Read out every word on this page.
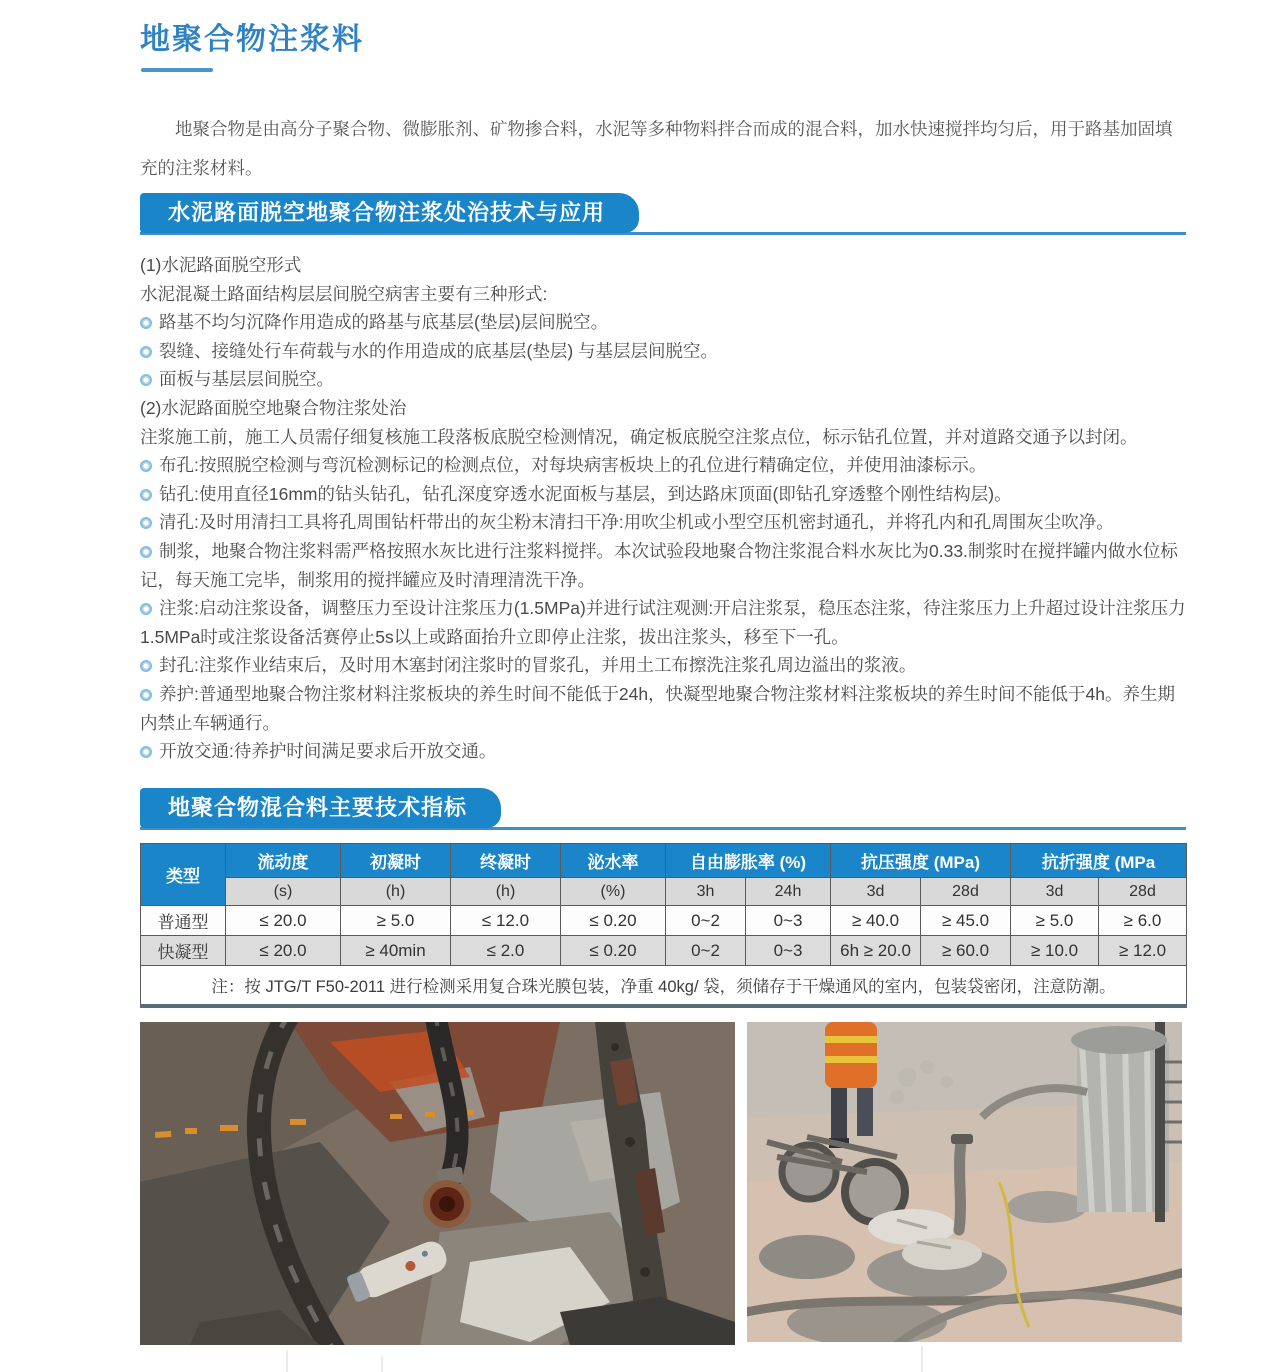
地聚合物注浆料
地聚合物是由高分子聚合物、微膨胀剂、矿物掺合料，水泥等多种物料拌合而成的混合料，加水快速搅拌均匀后，用于路基加固填充的注浆材料。
水泥路面脱空地聚合物注浆处治技术与应用

(1)水泥路面脱空形式

水泥混凝土路面结构层层间脱空病害主要有三种形式:

路基不均匀沉降作用造成的路基与底基层(垫层)层间脱空。

裂缝、接缝处行车荷载与水的作用造成的底基层(垫层) 与基层层间脱空。

面板与基层层间脱空。

(2)水泥路面脱空地聚合物注浆处治

注浆施工前，施工人员需仔细复核施工段落板底脱空检测情况，确定板底脱空注浆点位，标示钻孔位置，并对道路交通予以封闭。

布孔:按照脱空检测与弯沉检测标记的检测点位，对每块病害板块上的孔位进行精确定位，并使用油漆标示。

钻孔:使用直径16mm的钻头钻孔，钻孔深度穿透水泥面板与基层，到达路床顶面(即钻孔穿透整个刚性结构层)。

清孔:及时用清扫工具将孔周围钻杆带出的灰尘粉末清扫干净:用吹尘机或小型空压机密封通孔，并将孔内和孔周围灰尘吹净。

制浆，地聚合物注浆料需严格按照水灰比进行注浆料搅拌。本次试验段地聚合物注浆混合料水灰比为0.33.制浆时在搅拌罐内做水位标记，每天施工完毕，制浆用的搅拌罐应及时清理清洗干净。

注浆:启动注浆设备，调整压力至设计注浆压力(1.5MPa)并进行试注观测:开启注浆泵，稳压态注浆，待注浆压力上升超过设计注浆压力1.5MPa时或注浆设备活赛停止5s以上或路面抬升立即停止注浆，拔出注浆头，移至下一孔。

封孔:注浆作业结束后，及时用木塞封闭注浆时的冒浆孔，并用土工布擦洗注浆孔周边溢出的浆液。

养护:普通型地聚合物注浆材料注浆板块的养生时间不能低于24h，快凝型地聚合物注浆材料注浆板块的养生时间不能低于4h。养生期内禁止车辆通行。

开放交通:待养护时间满足要求后开放交通。

地聚合物混合料主要技术指标
类型	流动度	初凝时	终凝时	泌水率	自由膨胀率 (%)		抗压强度 (MPa)		抗折强度 (MPa	
	(s)	(h)	(h)	(%)	3h	24h	3d	28d	3d	28d
普通型	≤ 20.0	≥ 5.0	≤ 12.0	≤ 0.20	0~2	0~3	≥ 40.0	≥ 45.0	≥ 5.0	≥ 6.0
快凝型	≤ 20.0	≥ 40min	≤ 2.0	≤ 0.20	0~2	0~3	6h ≥ 20.0	≥ 60.0	≥ 10.0	≥ 12.0
注：按 JTG/T F50-2011 进行检测采用复合珠光膜包装，净重 40kg/ 袋，须储存于干燥通风的室内，包装袋密闭，注意防潮。										
